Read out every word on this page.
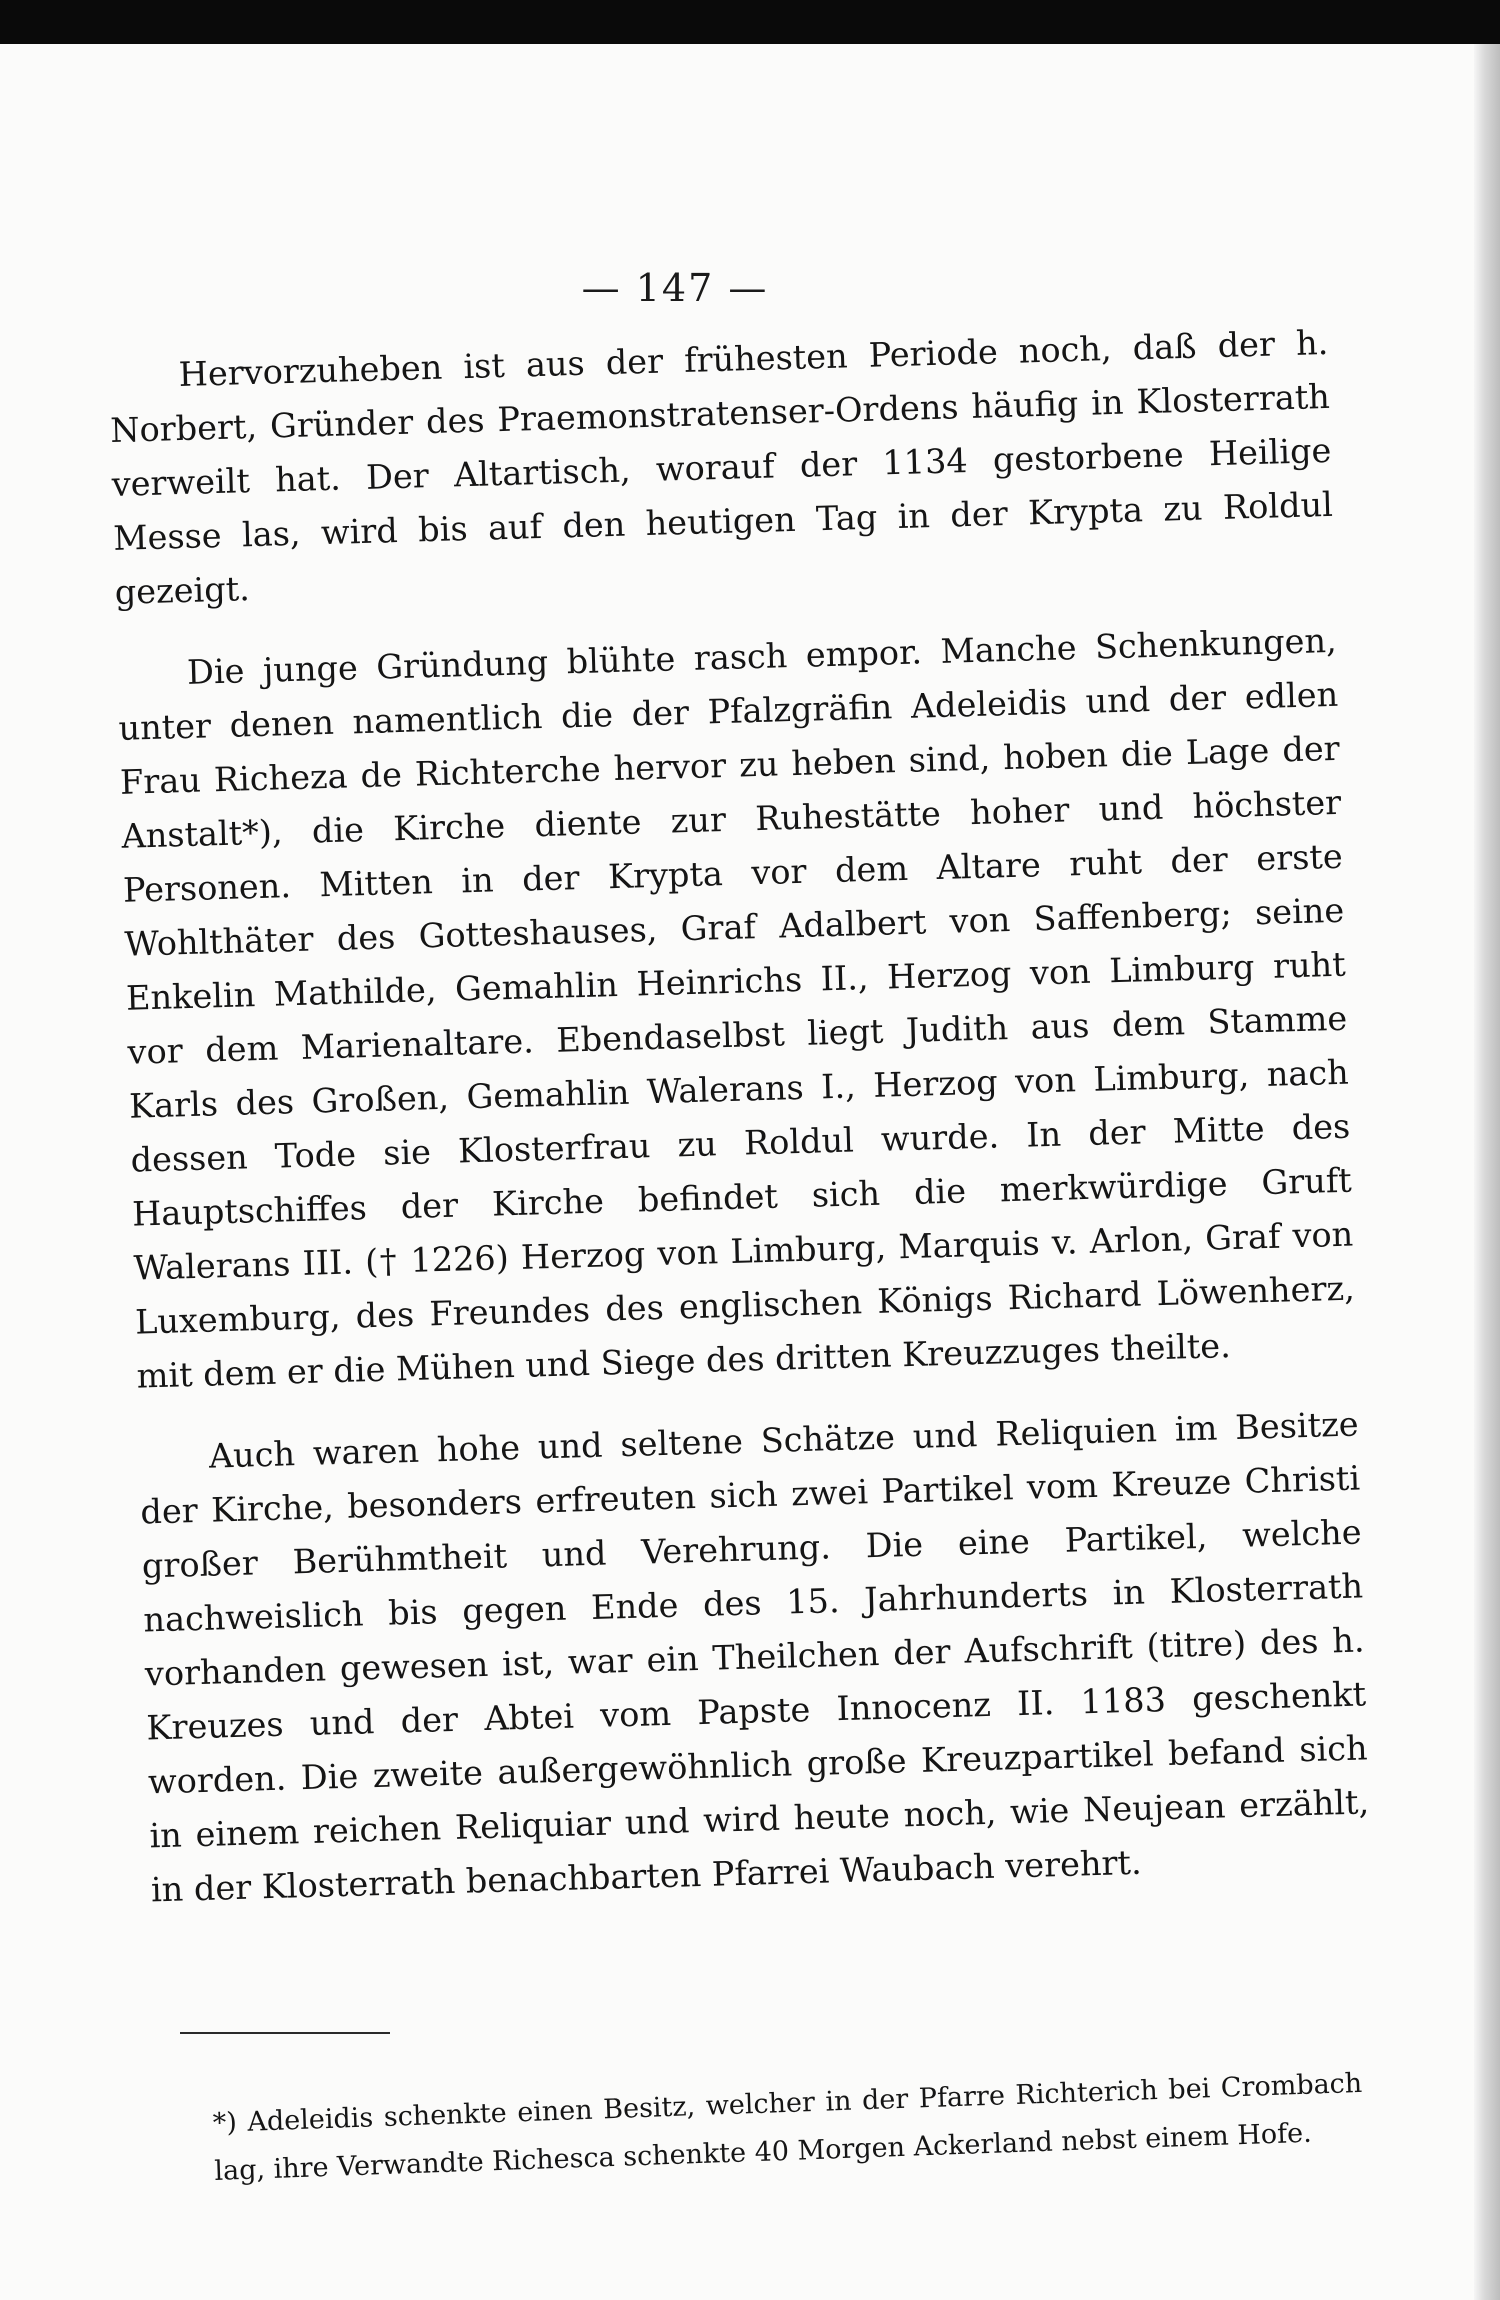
— 147 —

Hervorzuheben ist aus der frühesten Periode noch, daß der h. Norbert, Gründer des Praemonstratenser-Ordens häufig in Klosterrath verweilt hat. Der Altartisch, worauf der 1134 gestorbene Heilige Messe las, wird bis auf den heutigen Tag in der Krypta zu Roldul gezeigt.

Die junge Gründung blühte rasch empor. Manche Schenkungen, unter denen namentlich die der Pfalzgräfin Adeleidis und der edlen Frau Richeza de Richterche hervor zu heben sind, hoben die Lage der Anstalt*), die Kirche diente zur Ruhestätte hoher und höchster Personen. Mitten in der Krypta vor dem Altare ruht der erste Wohlthäter des Gotteshauses, Graf Adalbert von Saffenberg; seine Enkelin Mathilde, Gemahlin Heinrichs II., Herzog von Limburg ruht vor dem Marienaltare. Ebendaselbst liegt Judith aus dem Stamme Karls des Großen, Gemahlin Walerans I., Herzog von Limburg, nach dessen Tode sie Klosterfrau zu Roldul wurde. In der Mitte des Hauptschiffes der Kirche befindet sich die merkwürdige Gruft Walerans III. († 1226) Herzog von Limburg, Marquis v. Arlon, Graf von Luxemburg, des Freundes des englischen Königs Richard Löwenherz, mit dem er die Mühen und Siege des dritten Kreuzzuges theilte.

Auch waren hohe und seltene Schätze und Reliquien im Besitze der Kirche, besonders erfreuten sich zwei Partikel vom Kreuze Christi großer Berühmtheit und Verehrung. Die eine Partikel, welche nachweislich bis gegen Ende des 15. Jahrhunderts in Klosterrath vorhanden gewesen ist, war ein Theilchen der Aufschrift (titre) des h. Kreuzes und der Abtei vom Papste Innocenz II. 1183 geschenkt worden. Die zweite außergewöhnlich große Kreuzpartikel befand sich in einem reichen Reliquiar und wird heute noch, wie Neujean erzählt, in der Klosterrath benachbarten Pfarrei Waubach verehrt.

*) Adeleidis schenkte einen Besitz, welcher in der Pfarre Richterich bei Crombach lag, ihre Verwandte Richesca schenkte 40 Morgen Ackerland nebst einem Hofe.
